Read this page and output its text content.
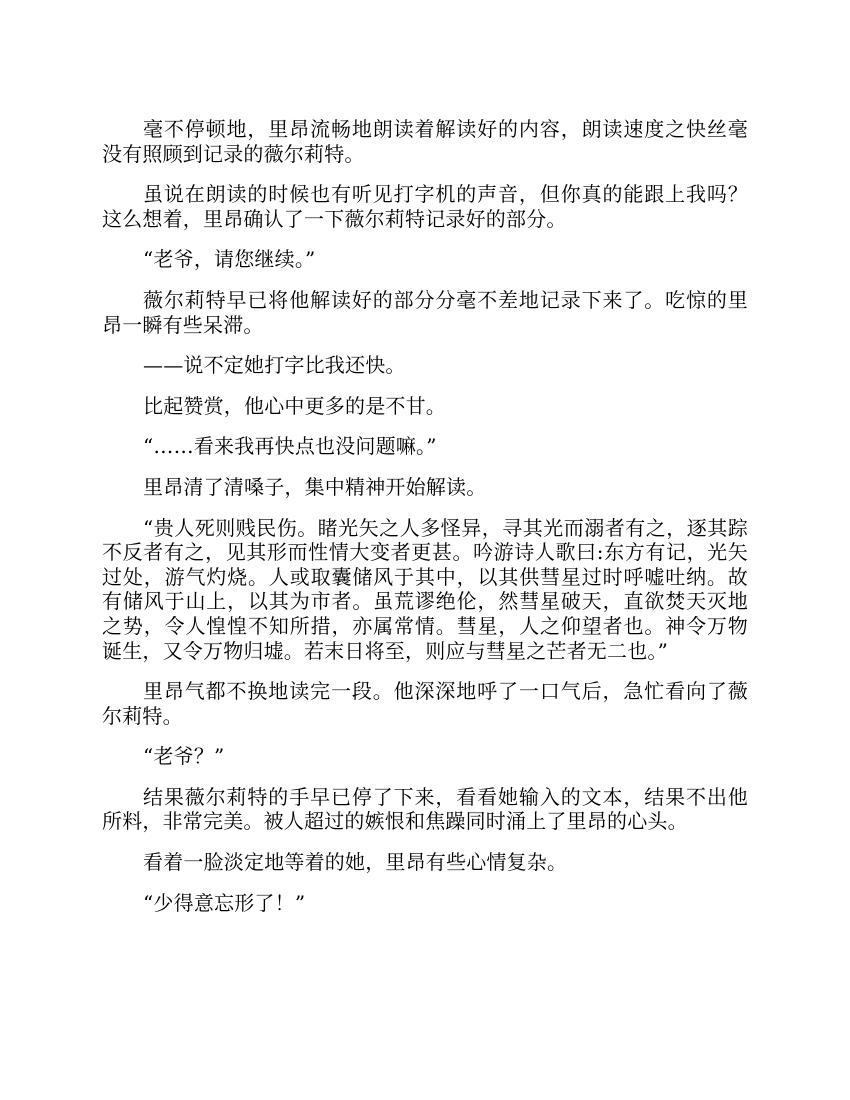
毫不停顿地，里昂流畅地朗读着解读好的内容，朗读速度之快丝毫没有照顾到记录的薇尔莉特。

虽说在朗读的时候也有听见打字机的声音，但你真的能跟上我吗？这么想着，里昂确认了一下薇尔莉特记录好的部分。

“老爷，请您继续。”

薇尔莉特早已将他解读好的部分分毫不差地记录下来了。吃惊的里昂一瞬有些呆滞。

——说不定她打字比我还快。

比起赞赏，他心中更多的是不甘。

“……看来我再快点也没问题嘛。”

里昂清了清嗓子，集中精神开始解读。

“贵人死则贱民伤。睹光矢之人多怪异，寻其光而溺者有之，逐其踪不反者有之，见其形而性情大变者更甚。吟游诗人歌曰:东方有记，光矢过处，游气灼烧。人或取囊储风于其中，以其供彗星过时呼嘘吐纳。故有储风于山上，以其为市者。虽荒谬绝伦，然彗星破天，直欲焚天灭地之势，令人惶惶不知所措，亦属常情。彗星，人之仰望者也。神令万物诞生，又令万物归墟。若末日将至，则应与彗星之芒者无二也。”

里昂气都不换地读完一段。他深深地呼了一口气后，急忙看向了薇尔莉特。

“老爷？”

结果薇尔莉特的手早已停了下来，看看她输入的文本，结果不出他所料，非常完美。被人超过的嫉恨和焦躁同时涌上了里昂的心头。

看着一脸淡定地等着的她，里昂有些心情复杂。

“少得意忘形了！”
